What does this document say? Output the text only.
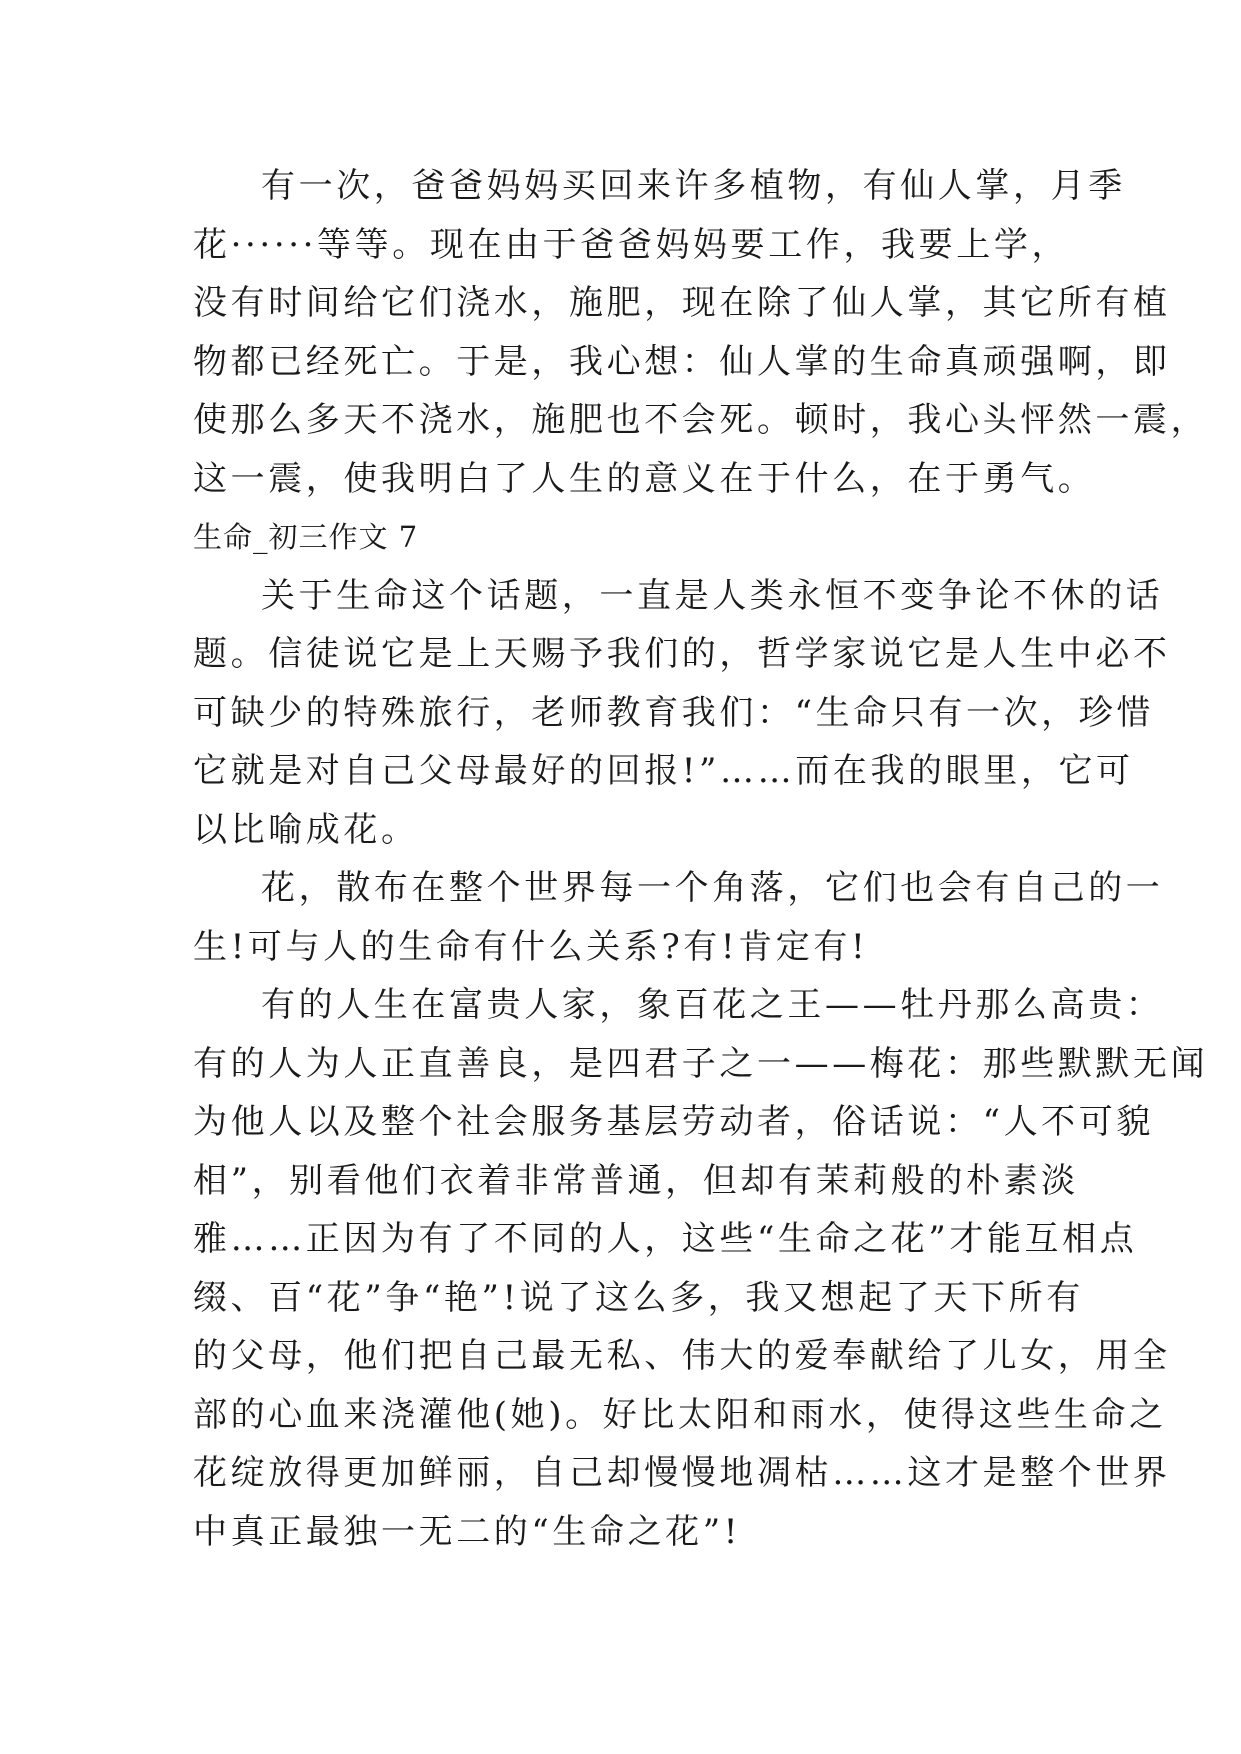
有一次，爸爸妈妈买回来许多植物，有仙人掌，月季
花······等等。现在由于爸爸妈妈要工作，我要上学，
没有时间给它们浇水，施肥，现在除了仙人掌，其它所有植
物都已经死亡。于是，我心想：仙人掌的生命真顽强啊，即
使那么多天不浇水，施肥也不会死。顿时，我心头怦然一震，
这一震，使我明白了人生的意义在于什么，在于勇气。
生命_初三作文 7
关于生命这个话题，一直是人类永恒不变争论不休的话
题。信徒说它是上天赐予我们的，哲学家说它是人生中必不
可缺少的特殊旅行，老师教育我们：“生命只有一次，珍惜
它就是对自己父母最好的回报!”……而在我的眼里，它可
以比喻成花。
花，散布在整个世界每一个角落，它们也会有自己的一
生!可与人的生命有什么关系?有!肯定有!
有的人生在富贵人家，象百花之王——牡丹那么高贵：
有的人为人正直善良，是四君子之一——梅花：那些默默无闻
为他人以及整个社会服务基层劳动者，俗话说：“人不可貌
相”，别看他们衣着非常普通，但却有茉莉般的朴素淡
雅……正因为有了不同的人，这些“生命之花”才能互相点
缀、百“花”争“艳”!说了这么多，我又想起了天下所有
的父母，他们把自己最无私、伟大的爱奉献给了儿女，用全
部的心血来浇灌他(她)。好比太阳和雨水，使得这些生命之
花绽放得更加鲜丽，自己却慢慢地凋枯……这才是整个世界
中真正最独一无二的“生命之花”!
